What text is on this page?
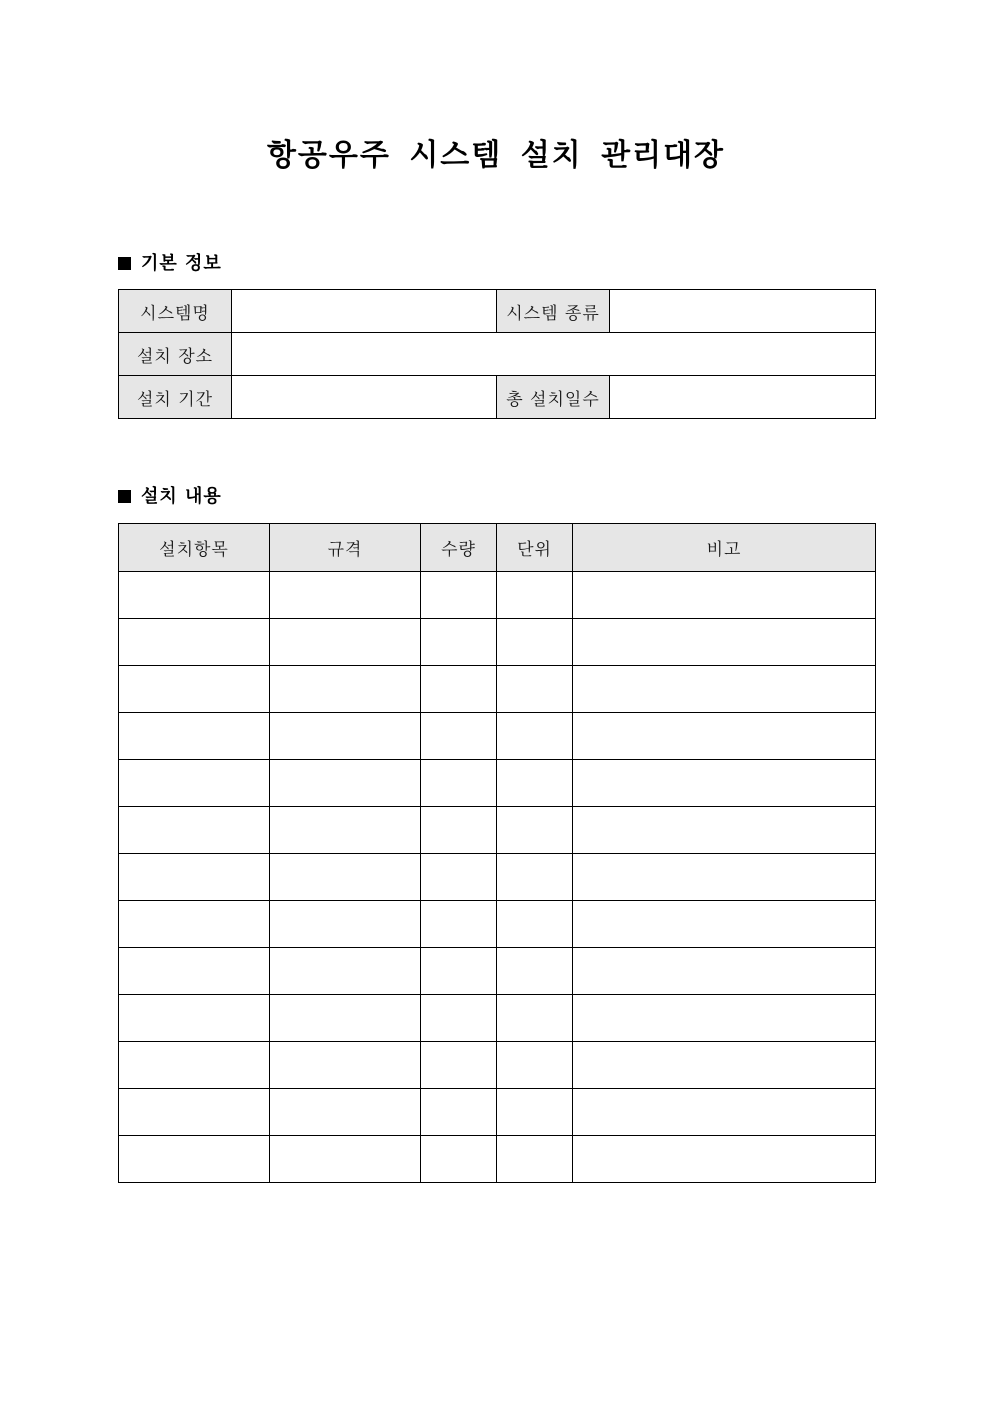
항공우주 시스템 설치 관리대장
기본 정보
시스템명		시스템 종류	
설치 장소			
설치 기간		총 설치일수	
설치 내용
설치항목	규격	수량	단위	비고
